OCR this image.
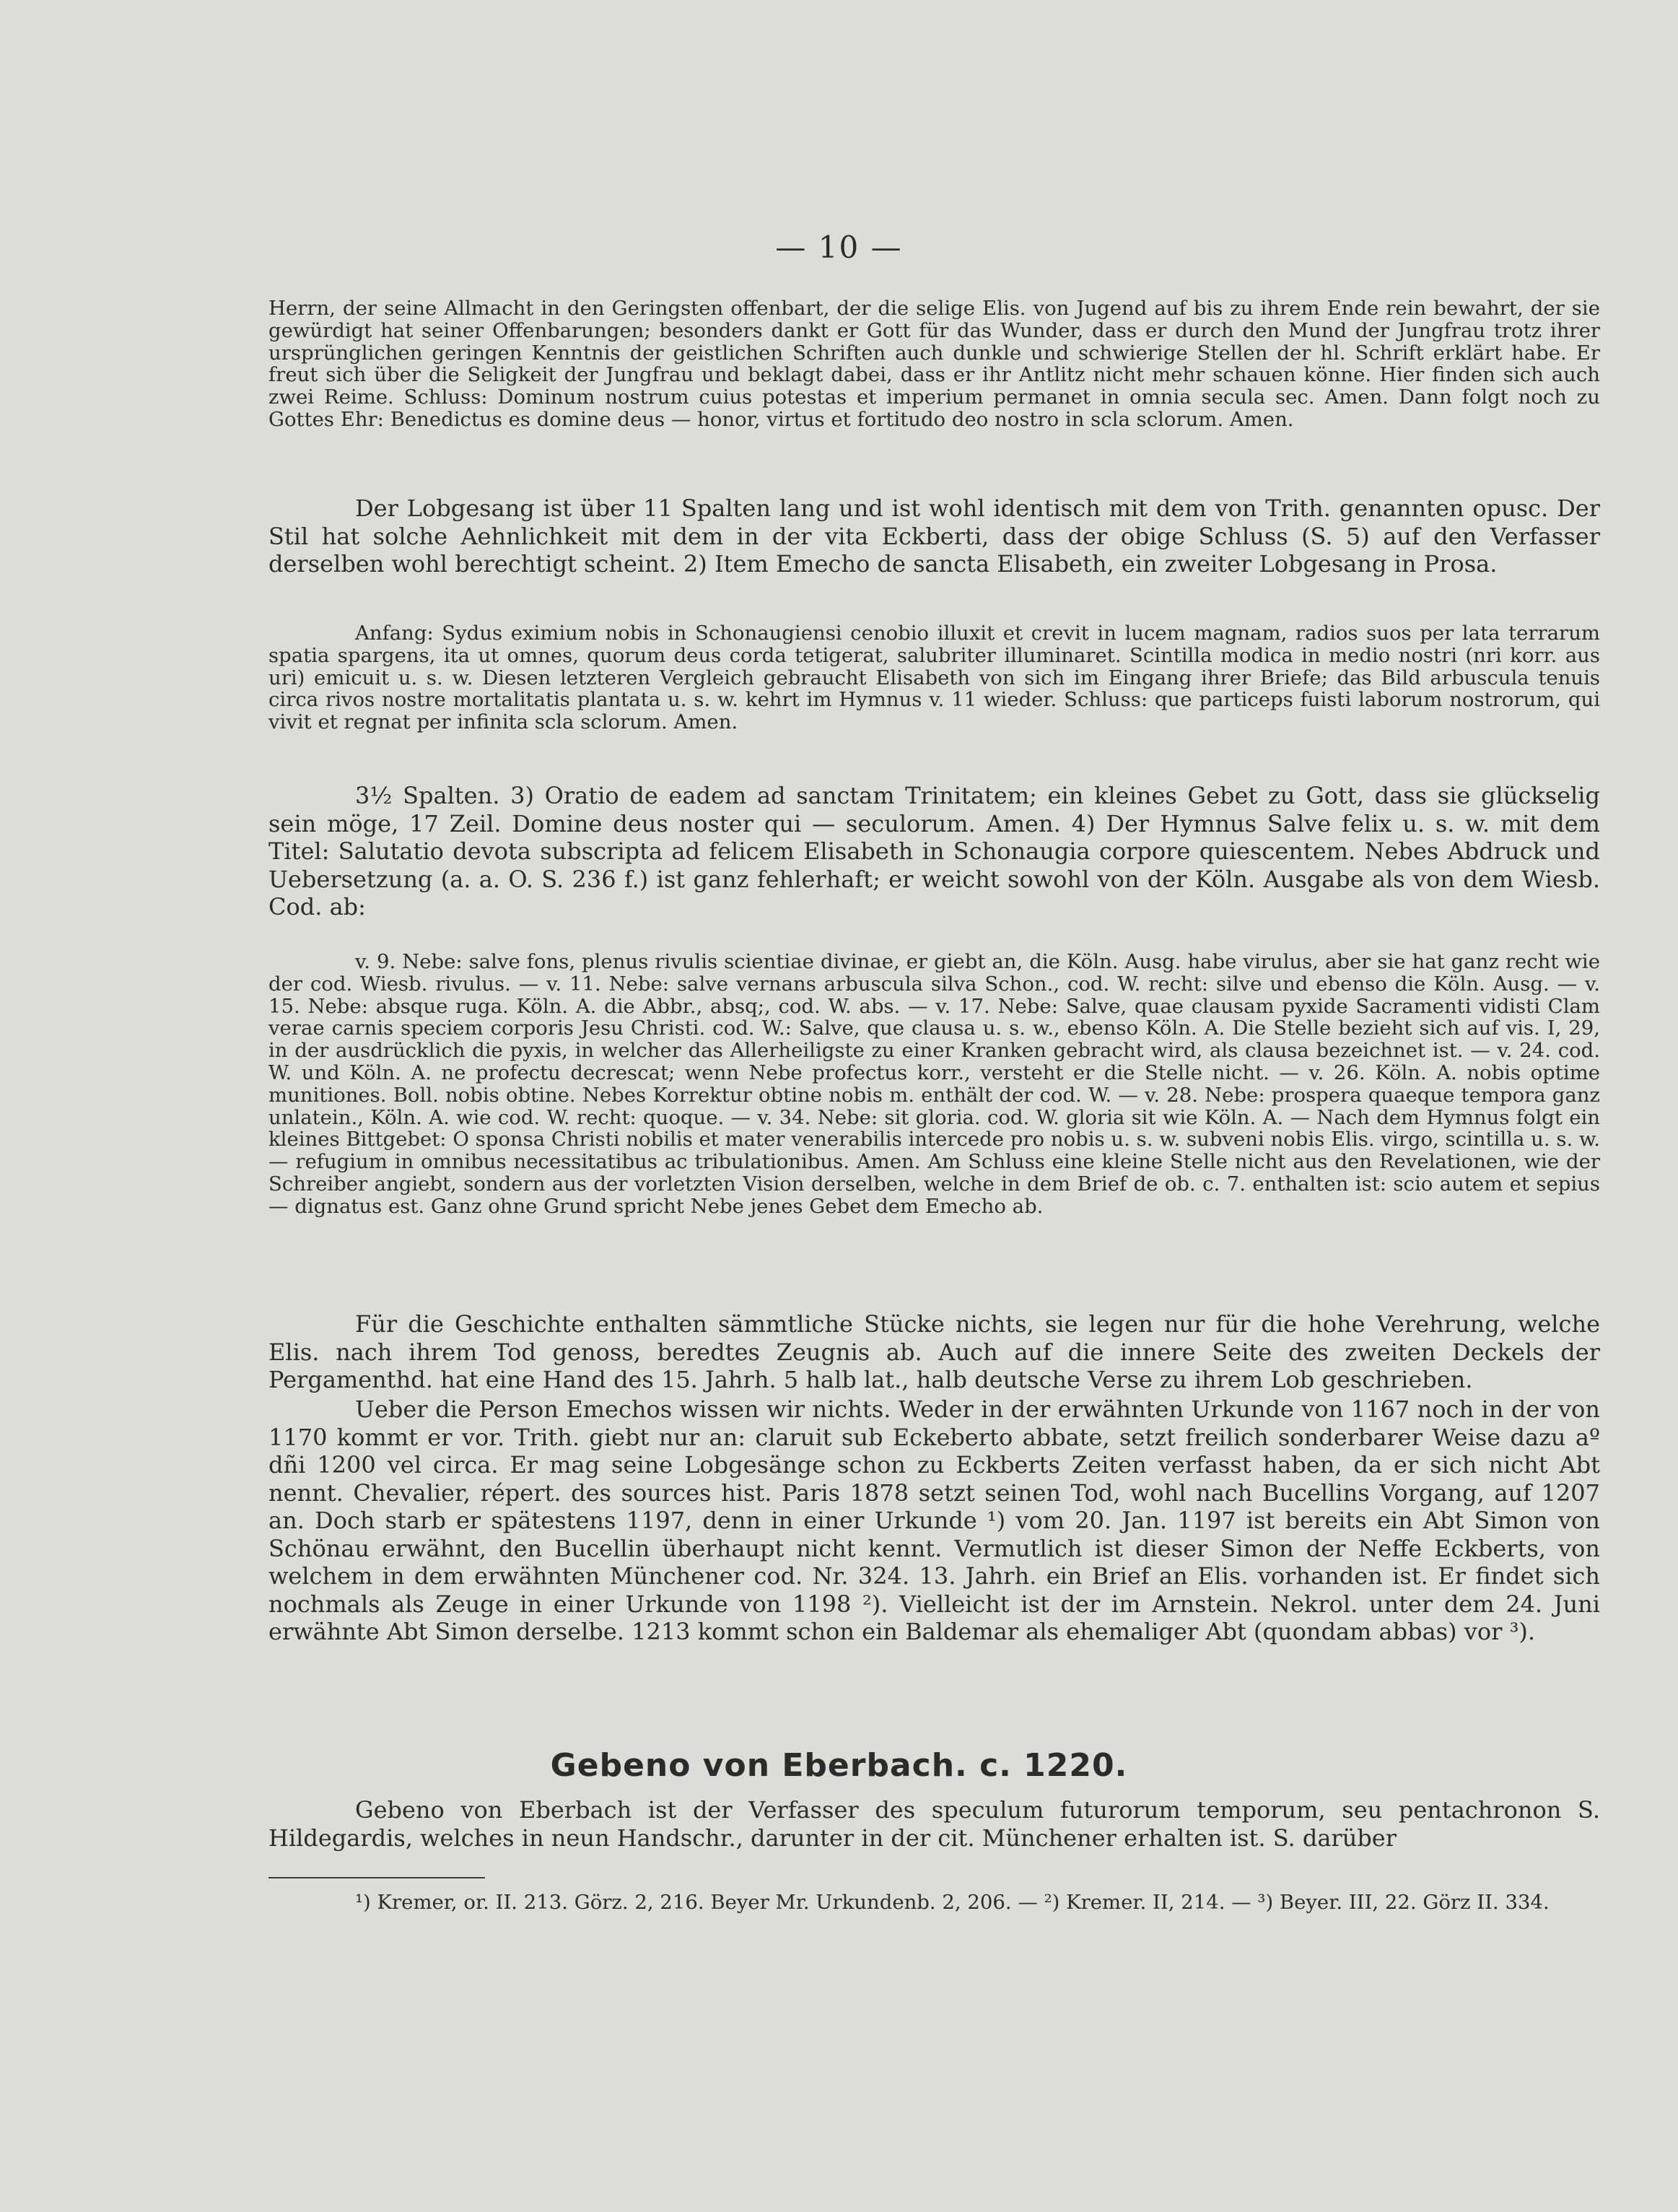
— 10 —

Herrn, der seine Allmacht in den Geringsten offenbart, der die selige Elis. von Jugend auf bis zu ihrem Ende rein bewahrt, der sie gewürdigt hat seiner Offenbarungen; besonders dankt er Gott für das Wunder, dass er durch den Mund der Jungfrau trotz ihrer ursprünglichen geringen Kenntnis der geistlichen Schriften auch dunkle und schwierige Stellen der hl. Schrift erklärt habe. Er freut sich über die Seligkeit der Jungfrau und beklagt dabei, dass er ihr Antlitz nicht mehr schauen könne. Hier finden sich auch zwei Reime. Schluss: Dominum nostrum cuius potestas et imperium permanet in omnia secula sec. Amen. Dann folgt noch zu Gottes Ehr: Benedictus es domine deus — honor, virtus et fortitudo deo nostro in scla sclorum. Amen.

Der Lobgesang ist über 11 Spalten lang und ist wohl identisch mit dem von Trith. genannten opusc. Der Stil hat solche Aehnlichkeit mit dem in der vita Eckberti, dass der obige Schluss (S. 5) auf den Verfasser derselben wohl berechtigt scheint. 2) Item Emecho de sancta Elisabeth, ein zweiter Lobgesang in Prosa.

Anfang: Sydus eximium nobis in Schonaugiensi cenobio illuxit et crevit in lucem magnam, radios suos per lata terrarum spatia spargens, ita ut omnes, quorum deus corda tetigerat, salubriter illuminaret. Scintilla modica in medio nostri (nri korr. aus uri) emicuit u. s. w. Diesen letzteren Vergleich gebraucht Elisabeth von sich im Eingang ihrer Briefe; das Bild arbuscula tenuis circa rivos nostre mortalitatis plantata u. s. w. kehrt im Hymnus v. 11 wieder. Schluss: que particeps fuisti laborum nostrorum, qui vivit et regnat per infinita scla sclorum. Amen.

3½ Spalten. 3) Oratio de eadem ad sanctam Trinitatem; ein kleines Gebet zu Gott, dass sie glückselig sein möge, 17 Zeil. Domine deus noster qui — seculorum. Amen. 4) Der Hymnus Salve felix u. s. w. mit dem Titel: Salutatio devota subscripta ad felicem Elisabeth in Schonaugia corpore quiescentem. Nebes Abdruck und Uebersetzung (a. a. O. S. 236 f.) ist ganz fehlerhaft; er weicht sowohl von der Köln. Ausgabe als von dem Wiesb. Cod. ab:

v. 9. Nebe: salve fons, plenus rivulis scientiae divinae, er giebt an, die Köln. Ausg. habe virulus, aber sie hat ganz recht wie der cod. Wiesb. rivulus. — v. 11. Nebe: salve vernans arbuscula silva Schon., cod. W. recht: silve und ebenso die Köln. Ausg. — v. 15. Nebe: absque ruga. Köln. A. die Abbr., absq;, cod. W. abs. — v. 17. Nebe: Salve, quae clausam pyxide Sacramenti vidisti Clam verae carnis speciem corporis Jesu Christi. cod. W.: Salve, que clausa u. s. w., ebenso Köln. A. Die Stelle bezieht sich auf vis. I, 29, in der ausdrücklich die pyxis, in welcher das Allerheiligste zu einer Kranken gebracht wird, als clausa bezeichnet ist. — v. 24. cod. W. und Köln. A. ne profectu decrescat; wenn Nebe profectus korr., versteht er die Stelle nicht. — v. 26. Köln. A. nobis optime munitiones. Boll. nobis obtine. Nebes Korrektur obtine nobis m. enthält der cod. W. — v. 28. Nebe: prospera quaeque tempora ganz unlatein., Köln. A. wie cod. W. recht: quoque. — v. 34. Nebe: sit gloria. cod. W. gloria sit wie Köln. A. — Nach dem Hymnus folgt ein kleines Bittgebet: O sponsa Christi nobilis et mater venerabilis intercede pro nobis u. s. w. subveni nobis Elis. virgo, scintilla u. s. w. — refugium in omnibus necessitatibus ac tribulationibus. Amen. Am Schluss eine kleine Stelle nicht aus den Revelationen, wie der Schreiber angiebt, sondern aus der vorletzten Vision derselben, welche in dem Brief de ob. c. 7. enthalten ist: scio autem et sepius — dignatus est. Ganz ohne Grund spricht Nebe jenes Gebet dem Emecho ab.

Für die Geschichte enthalten sämmtliche Stücke nichts, sie legen nur für die hohe Verehrung, welche Elis. nach ihrem Tod genoss, beredtes Zeugnis ab. Auch auf die innere Seite des zweiten Deckels der Pergamenthd. hat eine Hand des 15. Jahrh. 5 halb lat., halb deutsche Verse zu ihrem Lob geschrieben.

Ueber die Person Emechos wissen wir nichts. Weder in der erwähnten Urkunde von 1167 noch in der von 1170 kommt er vor. Trith. giebt nur an: claruit sub Eckeberto abbate, setzt freilich sonderbarer Weise dazu aº dñi 1200 vel circa. Er mag seine Lobgesänge schon zu Eckberts Zeiten verfasst haben, da er sich nicht Abt nennt. Chevalier, répert. des sources hist. Paris 1878 setzt seinen Tod, wohl nach Bucellins Vorgang, auf 1207 an. Doch starb er spätestens 1197, denn in einer Urkunde ¹) vom 20. Jan. 1197 ist bereits ein Abt Simon von Schönau erwähnt, den Bucellin überhaupt nicht kennt. Vermutlich ist dieser Simon der Neffe Eckberts, von welchem in dem erwähnten Münchener cod. Nr. 324. 13. Jahrh. ein Brief an Elis. vorhanden ist. Er findet sich nochmals als Zeuge in einer Urkunde von 1198 ²). Vielleicht ist der im Arnstein. Nekrol. unter dem 24. Juni erwähnte Abt Simon derselbe. 1213 kommt schon ein Baldemar als ehemaliger Abt (quondam abbas) vor ³).

Gebeno von Eberbach. c. 1220.

Gebeno von Eberbach ist der Verfasser des speculum futurorum temporum, seu pentachronon S. Hildegardis, welches in neun Handschr., darunter in der cit. Münchener erhalten ist. S. darüber

¹) Kremer, or. II. 213. Görz. 2, 216. Beyer Mr. Urkundenb. 2, 206. — ²) Kremer. II, 214. — ³) Beyer. III, 22. Görz II. 334.
